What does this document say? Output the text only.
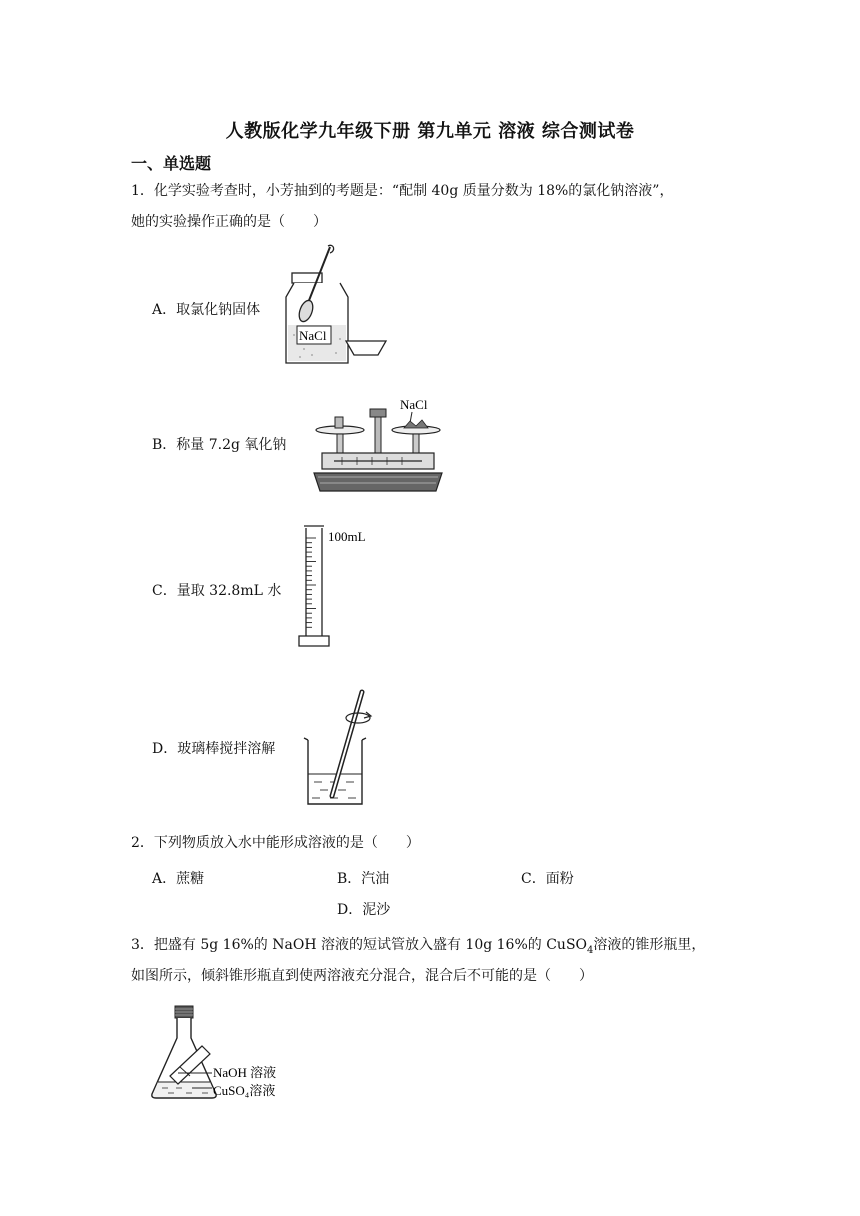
人教版化学九年级下册 第九单元 溶液 综合测试卷
一、单选题
1．化学实验考查时，小芳抽到的考题是：“配制 40g 质量分数为 18%的氯化钠溶液”，
她的实验操作正确的是（　　）
A．取氯化钠固体
NaCl
B．称量 7.2g 氧化钠
NaCl
C．量取 32.8mL 水
100mL
D．玻璃棒搅拌溶解
2．下列物质放入水中能形成溶液的是（　　）
A．蔗糖	B．汽油	C．面粉
D．泥沙
3．把盛有 5g 16%的 NaOH 溶液的短试管放入盛有 10g 16%的 CuSO$_4$溶液的锥形瓶里，
如图所示，倾斜锥形瓶直到使两溶液充分混合，混合后不可能的是（　　）
NaOH 溶液
CuSO₄溶液
